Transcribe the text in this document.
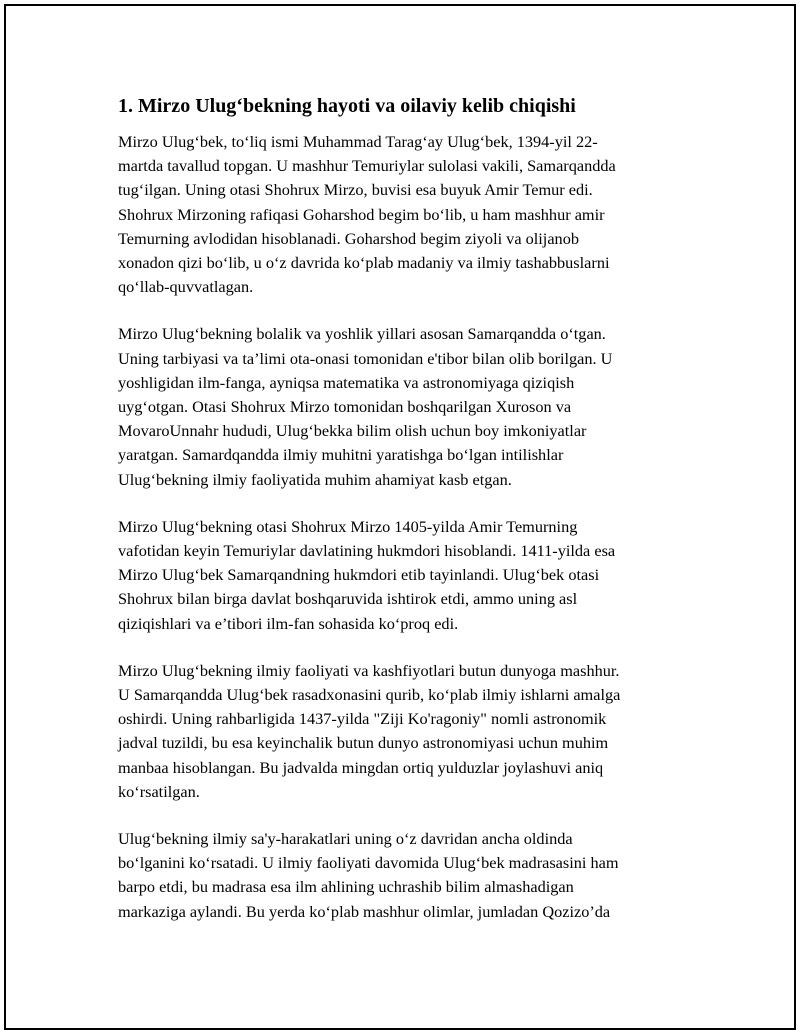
1. Mirzo Ulug‘bekning hayoti va oilaviy kelib chiqishi
Mirzo Ulug‘bek, to‘liq ismi Muhammad Tarag‘ay Ulug‘bek, 1394-yil 22-
martda tavallud topgan. U mashhur Temuriylar sulolasi vakili, Samarqandda
tug‘ilgan. Uning otasi Shohrux Mirzo, buvisi esa buyuk Amir Temur edi.
Shohrux Mirzoning rafiqasi Goharshod begim bo‘lib, u ham mashhur amir
Temurning avlodidan hisoblanadi. Goharshod begim ziyoli va olijanob
xonadon qizi bo‘lib, u o‘z davrida ko‘plab madaniy va ilmiy tashabbuslarni
qo‘llab-quvvatlagan.
Mirzo Ulug‘bekning bolalik va yoshlik yillari asosan Samarqandda o‘tgan.
Uning tarbiyasi va ta’limi ota-onasi tomonidan e'tibor bilan olib borilgan. U
yoshligidan ilm-fanga, ayniqsa matematika va astronomiyaga qiziqish
uyg‘otgan. Otasi Shohrux Mirzo tomonidan boshqarilgan Xuroson va
MovaroUnnahr hududi, Ulug‘bekka bilim olish uchun boy imkoniyatlar
yaratgan. Samardqandda ilmiy muhitni yaratishga bo‘lgan intilishlar
Ulug‘bekning ilmiy faoliyatida muhim ahamiyat kasb etgan.
Mirzo Ulug‘bekning otasi Shohrux Mirzo 1405-yilda Amir Temurning
vafotidan keyin Temuriylar davlatining hukmdori hisoblandi. 1411-yilda esa
Mirzo Ulug‘bek Samarqandning hukmdori etib tayinlandi. Ulug‘bek otasi
Shohrux bilan birga davlat boshqaruvida ishtirok etdi, ammo uning asl
qiziqishlari va e’tibori ilm-fan sohasida ko‘proq edi.
Mirzo Ulug‘bekning ilmiy faoliyati va kashfiyotlari butun dunyoga mashhur.
U Samarqandda Ulug‘bek rasadxonasini qurib, ko‘plab ilmiy ishlarni amalga
oshirdi. Uning rahbarligida 1437-yilda "Ziji Ko'ragoniy" nomli astronomik
jadval tuzildi, bu esa keyinchalik butun dunyo astronomiyasi uchun muhim
manbaa hisoblangan. Bu jadvalda mingdan ortiq yulduzlar joylashuvi aniq
ko‘rsatilgan.
Ulug‘bekning ilmiy sa'y-harakatlari uning o‘z davridan ancha oldinda
bo‘lganini ko‘rsatadi. U ilmiy faoliyati davomida Ulug‘bek madrasasini ham
barpo etdi, bu madrasa esa ilm ahlining uchrashib bilim almashadigan
markaziga aylandi. Bu yerda ko‘plab mashhur olimlar, jumladan Qozizo’da
